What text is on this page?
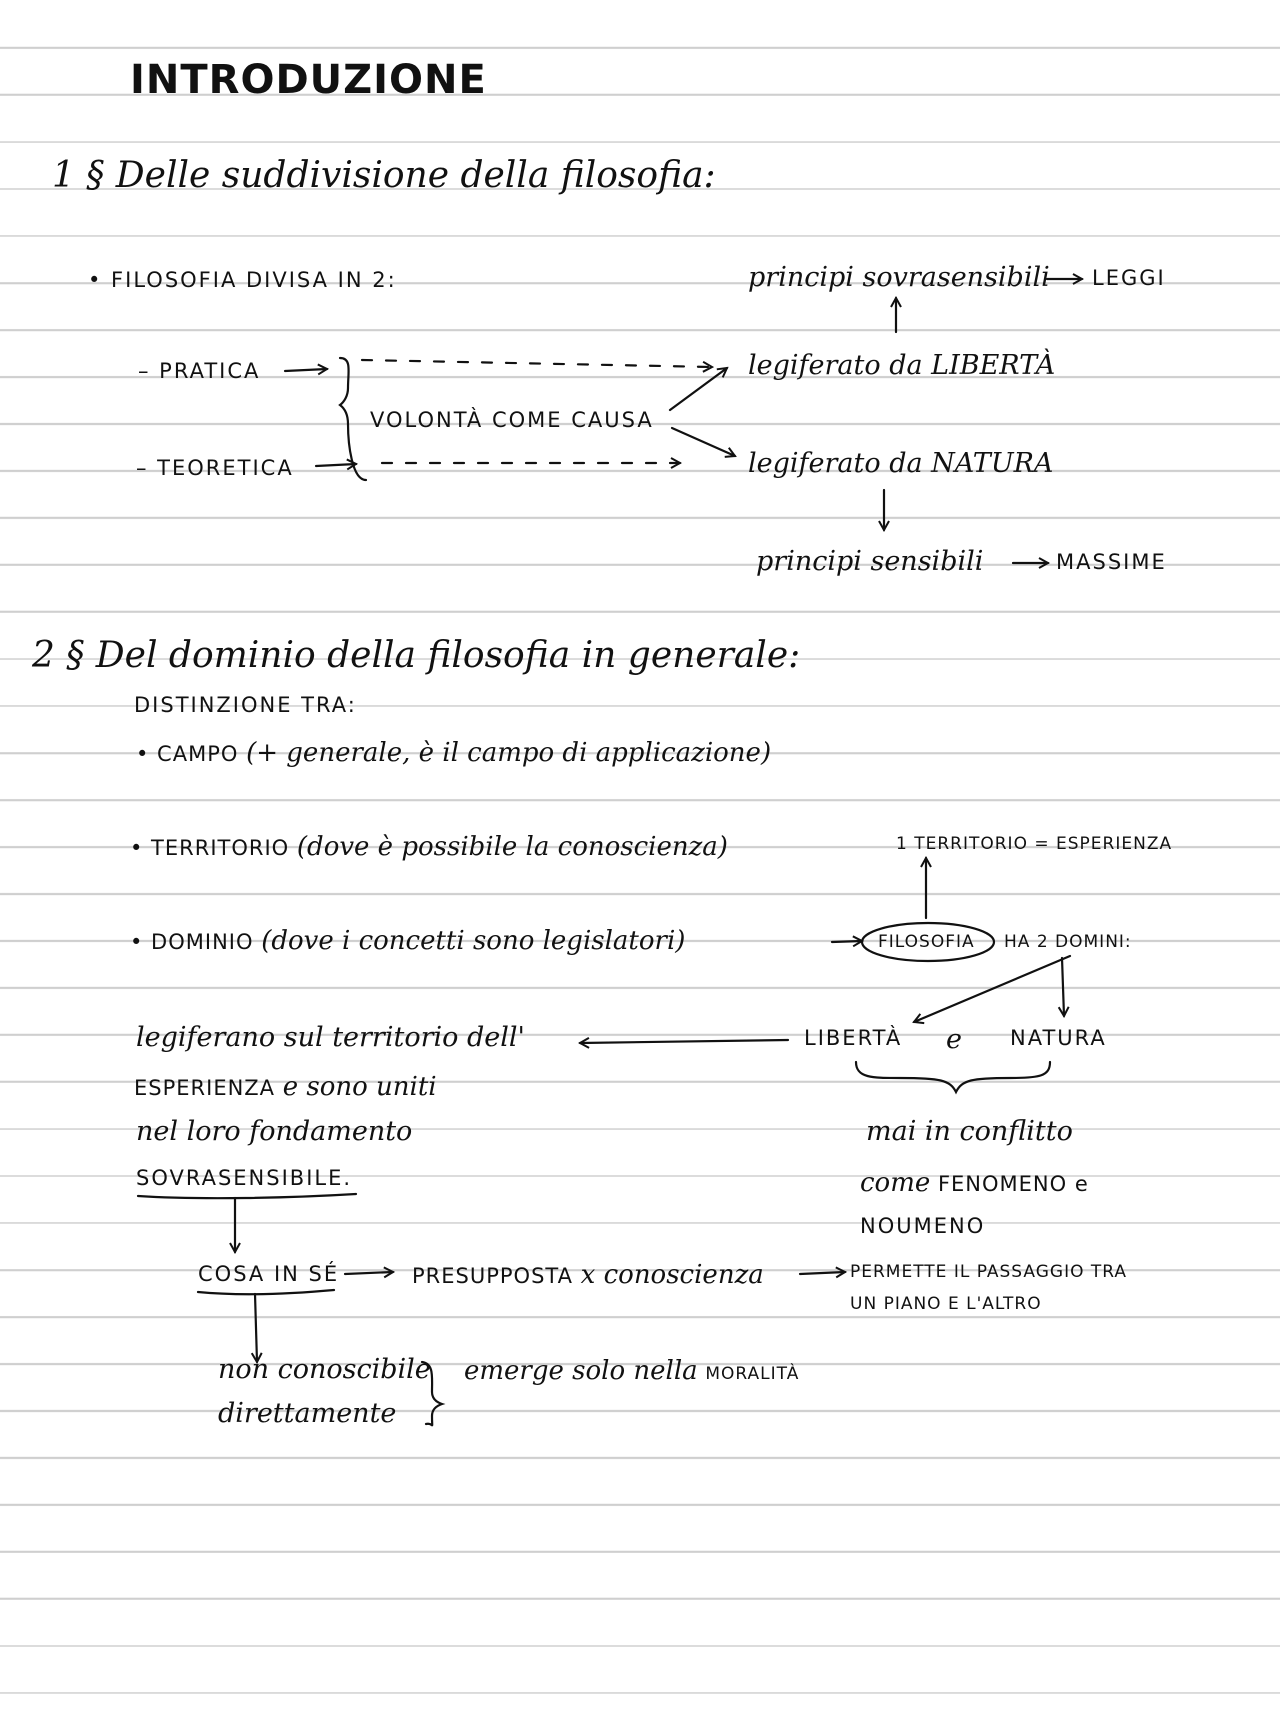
INTRODUZIONE
1 § Delle suddivisione della filosofia:
• FILOSOFIA DIVISA IN 2:	principi sovrasensibili LEGGI
– PRATICA	legiferato da LIBERTÀ
VOLONTÀ COME CAUSA
– TEORETICA	legiferato da NATURA
principi sensibili	MASSIME
2 § Del dominio della filosofia in generale:
DISTINZIONE TRA:
• CAMPO (+ generale, è il campo di applicazione)
• TERRITORIO (dove è possibile la conoscienza)	1 TERRITORIO = ESPERIENZA
• DOMINIO (dove i concetti sono legislatori)	FILOSOFIA HA 2 DOMINI:
legiferano sul territorio dell'
ESPERIENZA e sono uniti
nel loro fondamento
SOVRASENSIBILE.
LIBERTÀ e NATURA
mai in conflitto
come FENOMENO e
NOUMENO
COSA IN SÉ	PRESUPPOSTA x conoscienza	PERMETTE IL PASSAGGIO TRA
UN PIANO E L'ALTRO
non conoscibile
direttamente
emerge solo nella MORALITÀ
